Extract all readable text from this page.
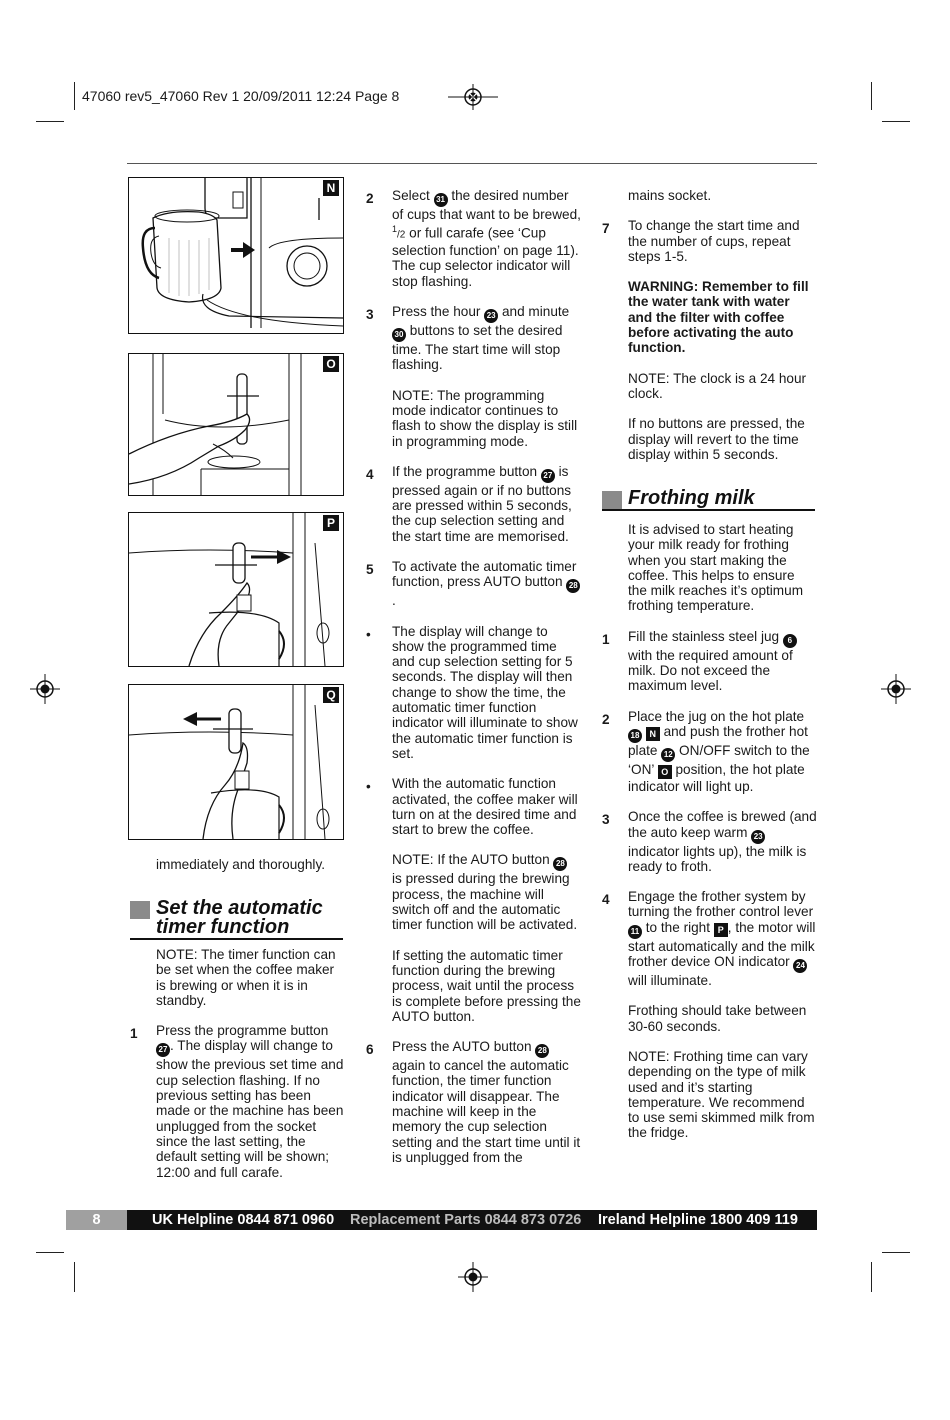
47060 rev5_47060 Rev 1 20/09/2011 12:24 Page 8
N
O
P
Q
immediately and thoroughly.
Set the automatic
timer function

NOTE: The timer function can be set when the coffee maker is brewing or when it is in standby.

1 Press the programme button 27 . The display will change to show the previous set time and cup selection flashing. If no previous setting has been made or the machine has been unplugged from the socket since the last setting, the default setting will be shown; 12:00 and full carafe.
2 Select 31 the desired number of cups that want to be brewed, $^1$/2 or full carafe (see ‘Cup selection function’ on page 11). The cup selector indicator will stop flashing.
3 Press the hour 23 and minute 30 buttons to set the desired time. The start time will stop flashing.

NOTE: The programming mode indicator continues to flash to show the display is still in programming mode.

4 If the programme button 27 is pressed again or if no buttons are pressed within 5 seconds, the cup selection setting and the start time are memorised.
5 To activate the automatic timer function, press AUTO button 28.
• The display will change to show the programmed time and cup selection setting for 5 seconds. The display will then change to show the time, the automatic timer function indicator will illuminate to show the automatic timer function is set.
• With the automatic function activated, the coffee maker will turn on at the desired time and start to brew the coffee.

NOTE: If the AUTO button 28 is pressed during the brewing process, the machine will switch off and the automatic timer function will be activated.

If setting the automatic timer function during the brewing process, wait until the process is complete before pressing the AUTO button.

6 Press the AUTO button 28 again to cancel the automatic function, the timer function indicator will disappear. The machine will keep in the memory the cup selection setting and the start time until it is unplugged from the

mains socket.

7 To change the start time and the number of cups, repeat steps 1-5.

WARNING: Remember to fill the water tank with water and the filter with coffee before activating the auto function.

NOTE: The clock is a 24 hour clock.

If no buttons are pressed, the display will revert to the time display within 5 seconds.

Frothing milk

It is advised to start heating your milk ready for frothing when you start making the coffee. This helps to ensure the milk reaches it’s optimum frothing temperature.

1 Fill the stainless steel jug 6 with the required amount of milk. Do not exceed the maximum level.
2 Place the jug on the hot plate 18 N and push the frother hot plate 12 ON/OFF switch to the ‘ON’ O position, the hot plate indicator will light up.
3 Once the coffee is brewed (and the auto keep warm 23 indicator lights up), the milk is ready to froth.
4 Engage the frother system by turning the frother control lever 11 to the right P , the motor will start automatically and the milk frother device ON indicator 24 will illuminate.

Frothing should take between 30-60 seconds.

NOTE: Frothing time can vary depending on the type of milk used and it’s starting temperature. We recommend to use semi skimmed milk from the fridge.

8	UK Helpline 0844 871 0960 Replacement Parts 0844 873 0726 Ireland Helpline 1800 409 119
